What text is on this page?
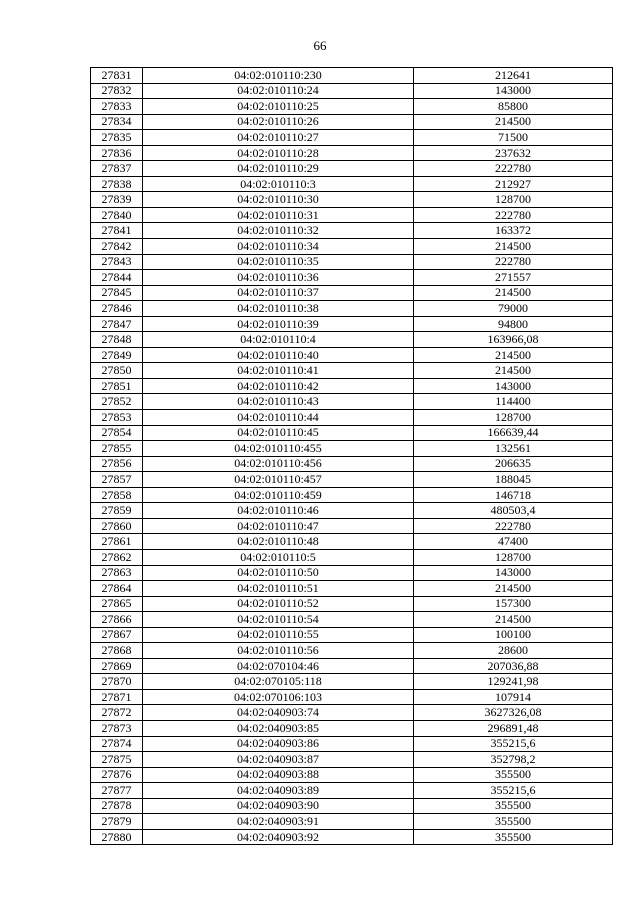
66
27831	04:02:010110:230	212641
27832	04:02:010110:24	143000
27833	04:02:010110:25	85800
27834	04:02:010110:26	214500
27835	04:02:010110:27	71500
27836	04:02:010110:28	237632
27837	04:02:010110:29	222780
27838	04:02:010110:3	212927
27839	04:02:010110:30	128700
27840	04:02:010110:31	222780
27841	04:02:010110:32	163372
27842	04:02:010110:34	214500
27843	04:02:010110:35	222780
27844	04:02:010110:36	271557
27845	04:02:010110:37	214500
27846	04:02:010110:38	79000
27847	04:02:010110:39	94800
27848	04:02:010110:4	163966,08
27849	04:02:010110:40	214500
27850	04:02:010110:41	214500
27851	04:02:010110:42	143000
27852	04:02:010110:43	114400
27853	04:02:010110:44	128700
27854	04:02:010110:45	166639,44
27855	04:02:010110:455	132561
27856	04:02:010110:456	206635
27857	04:02:010110:457	188045
27858	04:02:010110:459	146718
27859	04:02:010110:46	480503,4
27860	04:02:010110:47	222780
27861	04:02:010110:48	47400
27862	04:02:010110:5	128700
27863	04:02:010110:50	143000
27864	04:02:010110:51	214500
27865	04:02:010110:52	157300
27866	04:02:010110:54	214500
27867	04:02:010110:55	100100
27868	04:02:010110:56	28600
27869	04:02:070104:46	207036,88
27870	04:02:070105:118	129241,98
27871	04:02:070106:103	107914
27872	04:02:040903:74	3627326,08
27873	04:02:040903:85	296891,48
27874	04:02:040903:86	355215,6
27875	04:02:040903:87	352798,2
27876	04:02:040903:88	355500
27877	04:02:040903:89	355215,6
27878	04:02:040903:90	355500
27879	04:02:040903:91	355500
27880	04:02:040903:92	355500
